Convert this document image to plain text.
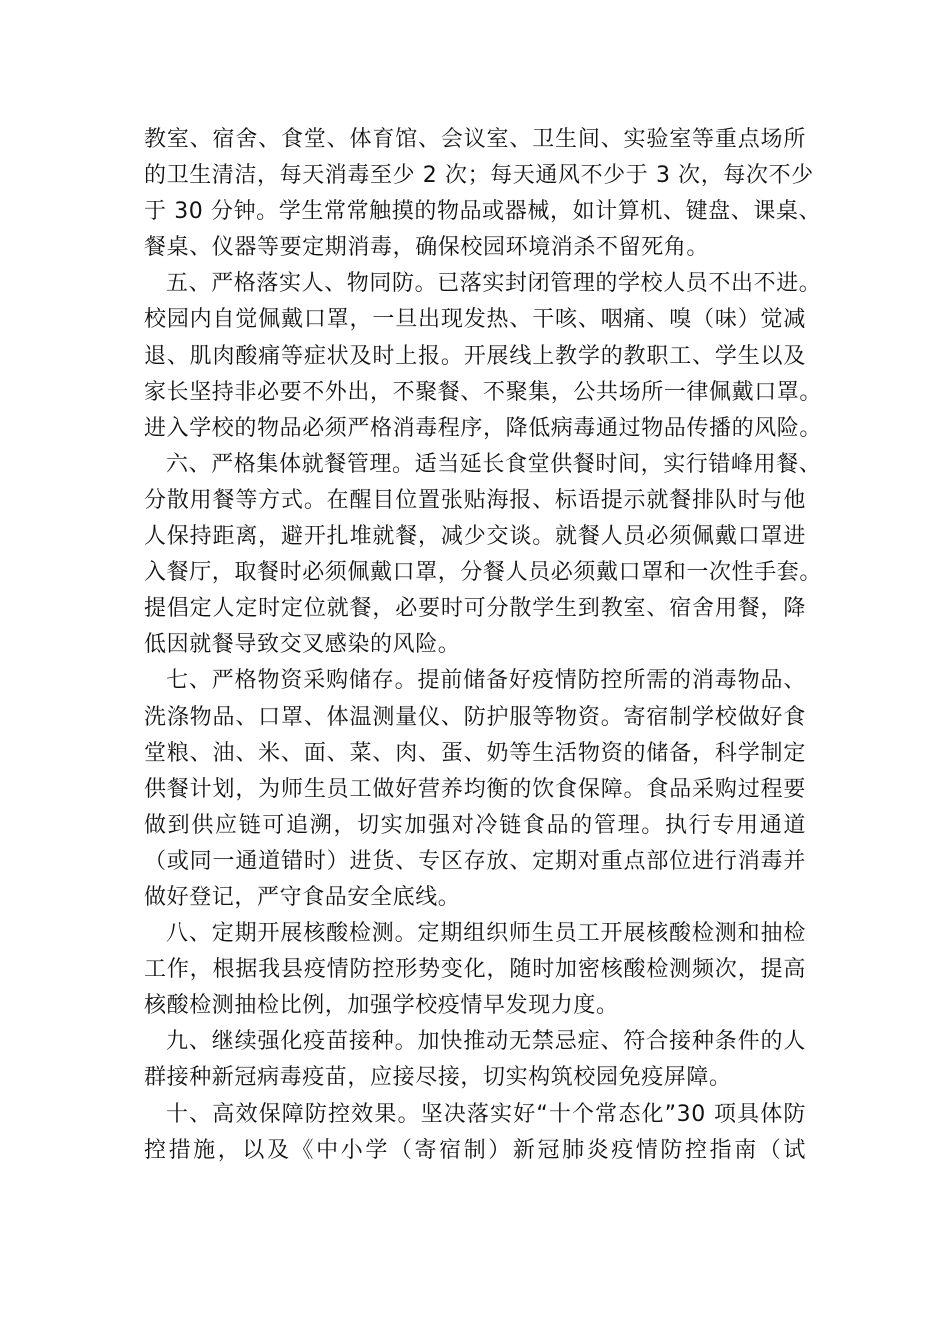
教室、宿舍、食堂、体育馆、会议室、卫生间、实验室等重点场所
的卫生清洁，每天消毒至少 2 次；每天通风不少于 3 次，每次不少
于 30 分钟。学生常常触摸的物品或器械，如计算机、键盘、课桌、
餐桌、仪器等要定期消毒，确保校园环境消杀不留死角。
五、严格落实人、物同防。已落实封闭管理的学校人员不出不进。
校园内自觉佩戴口罩，一旦出现发热、干咳、咽痛、嗅（味）觉减
退、肌肉酸痛等症状及时上报。开展线上教学的教职工、学生以及
家长坚持非必要不外出，不聚餐、不聚集，公共场所一律佩戴口罩。
进入学校的物品必须严格消毒程序，降低病毒通过物品传播的风险。
六、严格集体就餐管理。适当延长食堂供餐时间，实行错峰用餐、
分散用餐等方式。在醒目位置张贴海报、标语提示就餐排队时与他
人保持距离，避开扎堆就餐，减少交谈。就餐人员必须佩戴口罩进
入餐厅，取餐时必须佩戴口罩，分餐人员必须戴口罩和一次性手套。
提倡定人定时定位就餐，必要时可分散学生到教室、宿舍用餐，降
低因就餐导致交叉感染的风险。
七、严格物资采购储存。提前储备好疫情防控所需的消毒物品、
洗涤物品、口罩、体温测量仪、防护服等物资。寄宿制学校做好食
堂粮、油、米、面、菜、肉、蛋、奶等生活物资的储备，科学制定
供餐计划，为师生员工做好营养均衡的饮食保障。食品采购过程要
做到供应链可追溯，切实加强对冷链食品的管理。执行专用通道
（或同一通道错时）进货、专区存放、定期对重点部位进行消毒并
做好登记，严守食品安全底线。
八、定期开展核酸检测。定期组织师生员工开展核酸检测和抽检
工作，根据我县疫情防控形势变化，随时加密核酸检测频次，提高
核酸检测抽检比例，加强学校疫情早发现力度。
九、继续强化疫苗接种。加快推动无禁忌症、符合接种条件的人
群接种新冠病毒疫苗，应接尽接，切实构筑校园免疫屏障。
十、高效保障防控效果。坚决落实好“十个常态化”30 项具体防
控措施，以及《中小学（寄宿制）新冠肺炎疫情防控指南（试
